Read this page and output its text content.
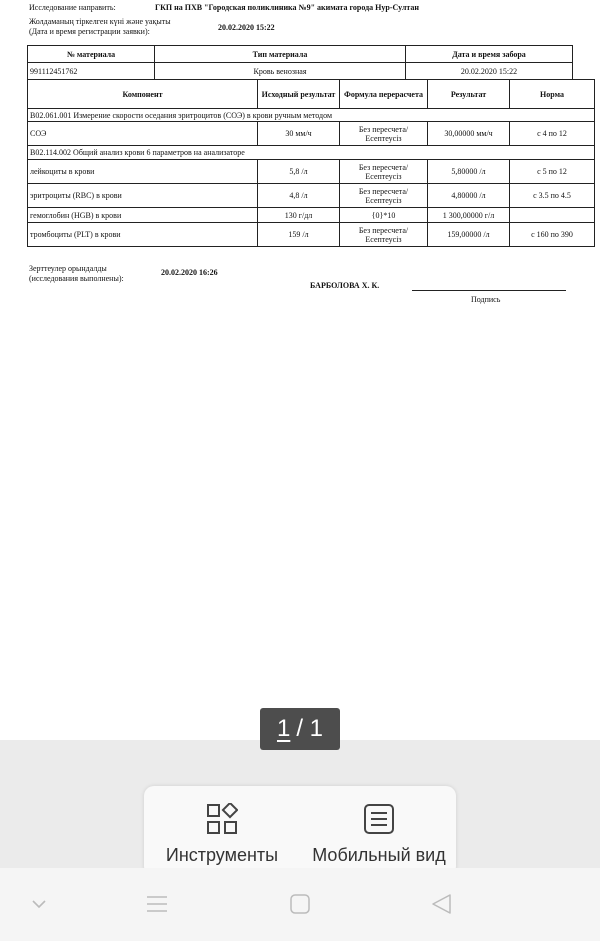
Исследование направить:	ГКП на ПХВ "Городская поликлиника №9" акимата города Нур-Султан
Жолдаманың тіркелген күні және уақыты
(Дата и время регистрации заявки):	20.02.2020 15:22
№ материала	Тип материала	Дата и время забора
991112451762	Кровь венозная	20.02.2020 15:22
Компонент	Исходный результат	Формула перерасчета	Результат	Норма
B02.061.001 Измерение скорости оседания эритроцитов (СОЭ) в крови ручным методом				
СОЭ	30 мм/ч	Без пересчета/ Есептеусіз	30,00000 мм/ч	с 4 по 12
B02.114.002 Общий анализ крови 6 параметров на анализаторе				
лейкоциты в крови	5,8 /л	Без пересчета/ Есептеусіз	5,80000 /л	с 5 по 12
эритроциты (RBC) в крови	4,8 /л	Без пересчета/ Есептеусіз	4,80000 /л	с 3.5 по 4.5
гемоглобин (HGB) в крови	130 г/дл	{0}*10	1 300,00000 г/л	
тромбоциты (PLT) в крови	159 /л	Без пересчета/ Есептеусіз	159,00000 /л	с 160 по 390
Зерттеулер орындалды
(исследования выполнены):
20.02.2020 16:26
БАРБОЛОВА Х. К.
Подпись
1 / 1
Инструменты Мобильный вид
